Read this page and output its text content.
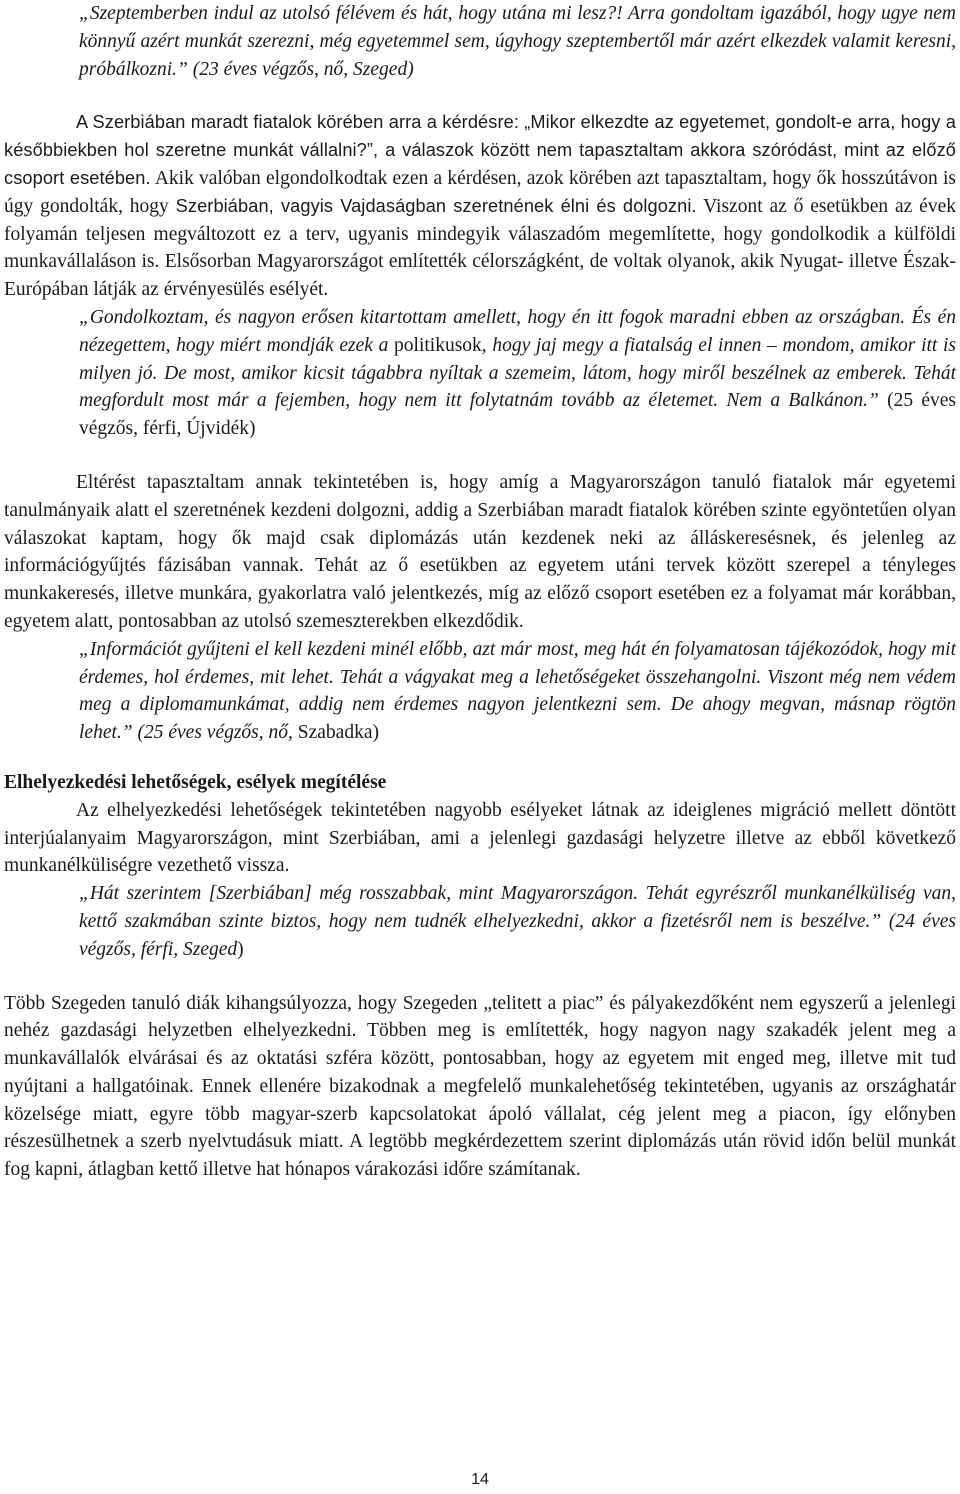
„Szeptemberben indul az utolsó félévem és hát, hogy utána mi lesz?! Arra gondoltam igazából, hogy ugye nem könnyű azért munkát szerezni, még egyetemmel sem, úgyhogy szeptembertől már azért elkezdek valamit keresni, próbálkozni.” (23 éves végzős, nő, Szeged)

A Szerbiában maradt fiatalok körében arra a kérdésre: „Mikor elkezdte az egyetemet, gondolt-e arra, hogy a későbbiekben hol szeretne munkát vállalni?”, a válaszok között nem tapasztaltam akkora szóródást, mint az előző csoport esetében. Akik valóban elgondolkodtak ezen a kérdésen, azok körében azt tapasztaltam, hogy ők hosszútávon is úgy gondolták, hogy Szerbiában, vagyis Vajdaságban szeretnének élni és dolgozni. Viszont az ő esetükben az évek folyamán teljesen megváltozott ez a terv, ugyanis mindegyik válaszadóm megemlítette, hogy gondolkodik a külföldi munkavállaláson is. Elsősorban Magyarországot említették célországként, de voltak olyanok, akik Nyugat- illetve Észak- Európában látják az érvényesülés esélyét.

„Gondolkoztam, és nagyon erősen kitartottam amellett, hogy én itt fogok maradni ebben az országban. És én nézegettem, hogy miért mondják ezek a politikusok, hogy jaj megy a fiatalság el innen – mondom, amikor itt is milyen jó. De most, amikor kicsit tágabbra nyíltak a szemeim, látom, hogy miről beszélnek az emberek. Tehát megfordult most már a fejemben, hogy nem itt folytatnám tovább az életemet. Nem a Balkánon.” (25 éves végzős, férfi, Újvidék)

Eltérést tapasztaltam annak tekintetében is, hogy amíg a Magyarországon tanuló fiatalok már egyetemi tanulmányaik alatt el szeretnének kezdeni dolgozni, addig a Szerbiában maradt fiatalok körében szinte egyöntetűen olyan válaszokat kaptam, hogy ők majd csak diplomázás után kezdenek neki az álláskeresésnek, és jelenleg az információgyűjtés fázisában vannak. Tehát az ő esetükben az egyetem utáni tervek között szerepel a tényleges munkakeresés, illetve munkára, gyakorlatra való jelentkezés, míg az előző csoport esetében ez a folyamat már korábban, egyetem alatt, pontosabban az utolsó szemeszterekben elkezdődik.

„Információt gyűjteni el kell kezdeni minél előbb, azt már most, meg hát én folyamatosan tájékozódok, hogy mit érdemes, hol érdemes, mit lehet. Tehát a vágyakat meg a lehetőségeket összehangolni. Viszont még nem védem meg a diplomamunkámat, addig nem érdemes nagyon jelentkezni sem. De ahogy megvan, másnap rögtön lehet.” (25 éves végzős, nő, Szabadka)

Elhelyezkedési lehetőségek, esélyek megítélése

Az elhelyezkedési lehetőségek tekintetében nagyobb esélyeket látnak az ideiglenes migráció mellett döntött interjúalanyaim Magyarországon, mint Szerbiában, ami a jelenlegi gazdasági helyzetre illetve az ebből következő munkanélküliségre vezethető vissza.

„Hát szerintem [Szerbiában] még rosszabbak, mint Magyarországon. Tehát egyrészről munkanélküliség van, kettő szakmában szinte biztos, hogy nem tudnék elhelyezkedni, akkor a fizetésről nem is beszélve.” (24 éves végzős, férfi, Szeged)

Több Szegeden tanuló diák kihangsúlyozza, hogy Szegeden „telitett a piac” és pályakezdőként nem egyszerű a jelenlegi nehéz gazdasági helyzetben elhelyezkedni. Többen meg is említették, hogy nagyon nagy szakadék jelent meg a munkavállalók elvárásai és az oktatási szféra között, pontosabban, hogy az egyetem mit enged meg, illetve mit tud nyújtani a hallgatóinak. Ennek ellenére bizakodnak a megfelelő munkalehetőség tekintetében, ugyanis az országhatár közelsége miatt, egyre több magyar-szerb kapcsolatokat ápoló vállalat, cég jelent meg a piacon, így előnyben részesülhetnek a szerb nyelvtudásuk miatt. A legtöbb megkérdezettem szerint diplomázás után rövid időn belül munkát fog kapni, átlagban kettő illetve hat hónapos várakozási időre számítanak.

14
